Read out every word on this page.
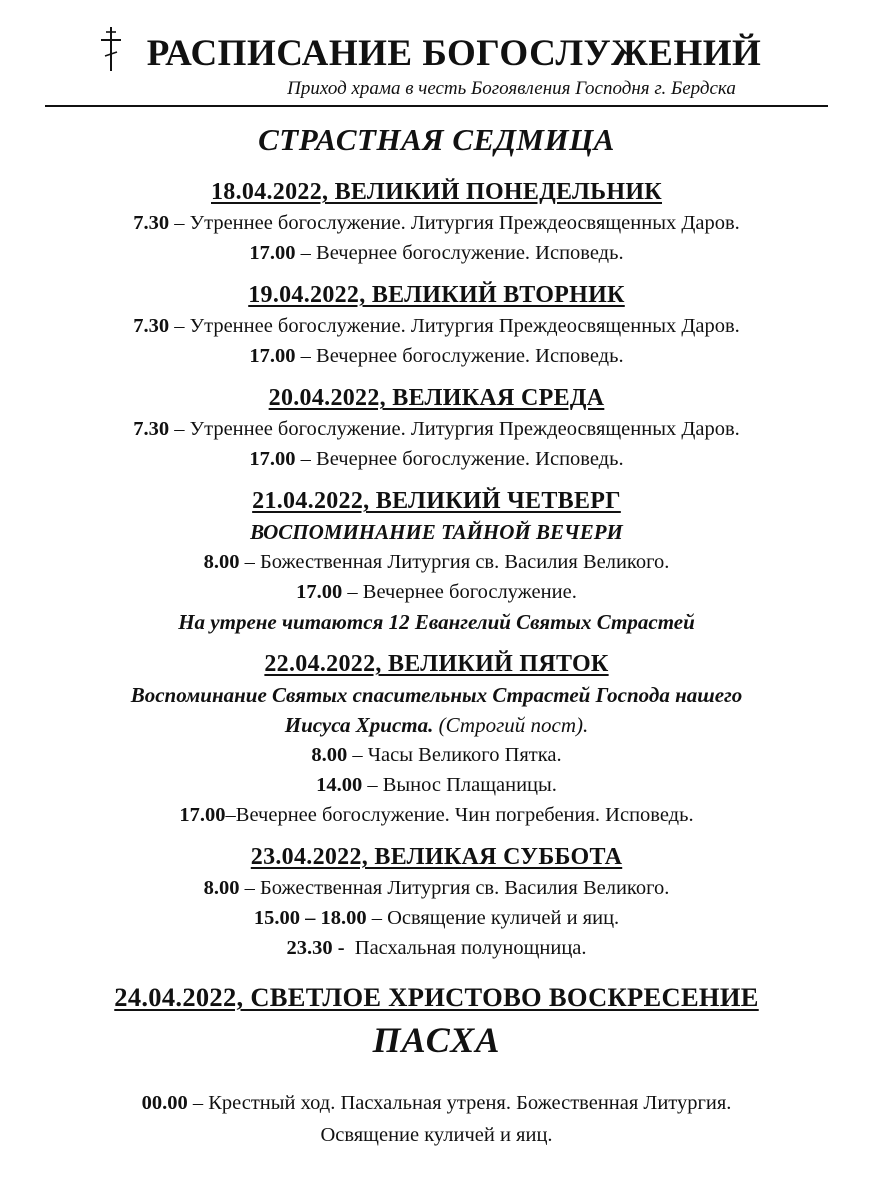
РАСПИСАНИЕ БОГОСЛУЖЕНИЙ
Приход храма в честь Богоявления Господня г. Бердска
СТРАСТНАЯ СЕДМИЦА
18.04.2022, ВЕЛИКИЙ ПОНЕДЕЛЬНИК
7.30 – Утреннее богослужение. Литургия Преждеосвященных Даров.
17.00 – Вечернее богослужение. Исповедь.
19.04.2022, ВЕЛИКИЙ ВТОРНИК
7.30 – Утреннее богослужение. Литургия Преждеосвященных Даров.
17.00 – Вечернее богослужение. Исповедь.
20.04.2022, ВЕЛИКАЯ СРЕДА
7.30 – Утреннее богослужение. Литургия Преждеосвященных Даров.
17.00 – Вечернее богослужение. Исповедь.
21.04.2022, ВЕЛИКИЙ ЧЕТВЕРГ
ВОСПОМИНАНИЕ ТАЙНОЙ ВЕЧЕРИ
8.00 – Божественная Литургия св. Василия Великого.
17.00 – Вечернее богослужение.
На утрене читаются 12 Евангелий Святых Страстей
22.04.2022, ВЕЛИКИЙ ПЯТОК
Воспоминание Святых спасительных Страстей Господа нашего
Иисуса Христа. (Строгий пост).
8.00 – Часы Великого Пятка.
14.00 – Вынос Плащаницы.
17.00–Вечернее богослужение. Чин погребения. Исповедь.
23.04.2022, ВЕЛИКАЯ СУББОТА
8.00 – Божественная Литургия св. Василия Великого.
15.00 – 18.00 – Освящение куличей и яиц.
23.30 - Пасхальная полунощница.
24.04.2022, СВЕТЛОЕ ХРИСТОВО ВОСКРЕСЕНИЕ
ПАСХА
00.00 – Крестный ход. Пасхальная утреня. Божественная Литургия.
Освящение куличей и яиц.
